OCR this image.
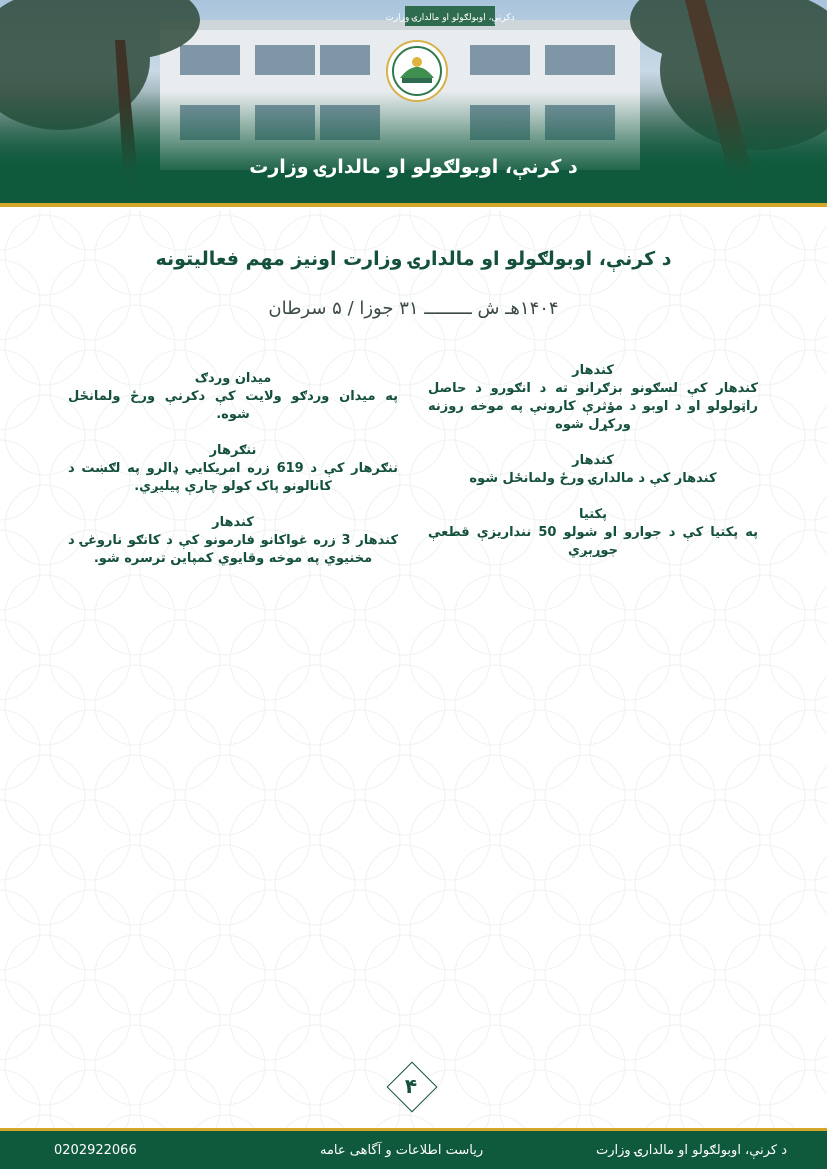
دکرنې، اوبولګولو او مالدارۍ وزارت
د کرنې، اوبولګولو او مالدارۍ وزارت
د کرنې، اوبولګولو او مالدارۍ وزارت اونيز مهم فعالیتونه
۱۴۰۴هـ ش ـــــــــ ۳۱ جوزا / ۵ سرطان
کندهار
کندهار کې لسګونو بزګرانو ته د انګورو د حاصل راټولولو او د اوبو د مؤثرې کارونې په موخه روزنه ورکړل شوه
کندهار
کندهار کې د مالدارۍ ورځ ولمانځل شوه
پکتیا
په پکتیا کې د جوارو او شولو 50 ننداریزې قطعې جوړېږي
میدان وردګ
په میدان وردګو ولایت کې دکرنې ورځ ولمانځل شوه.
ننګرهار
ننګرهار کې د 619 زره امریکايي ډالرو په لګښت د کانالونو پاک کولو چارې پیلیږي.
کندهار
کندهار 3 زره غواکانو فارمونو کې د کانګو ناروغۍ د مخنیوي په موخه وقایوي کمپاين ترسره شو.
۴
د کرنې، اوبولګولو او مالدارۍ وزارت
ریاست اطلاعات و آگاهی عامه
0202922066
